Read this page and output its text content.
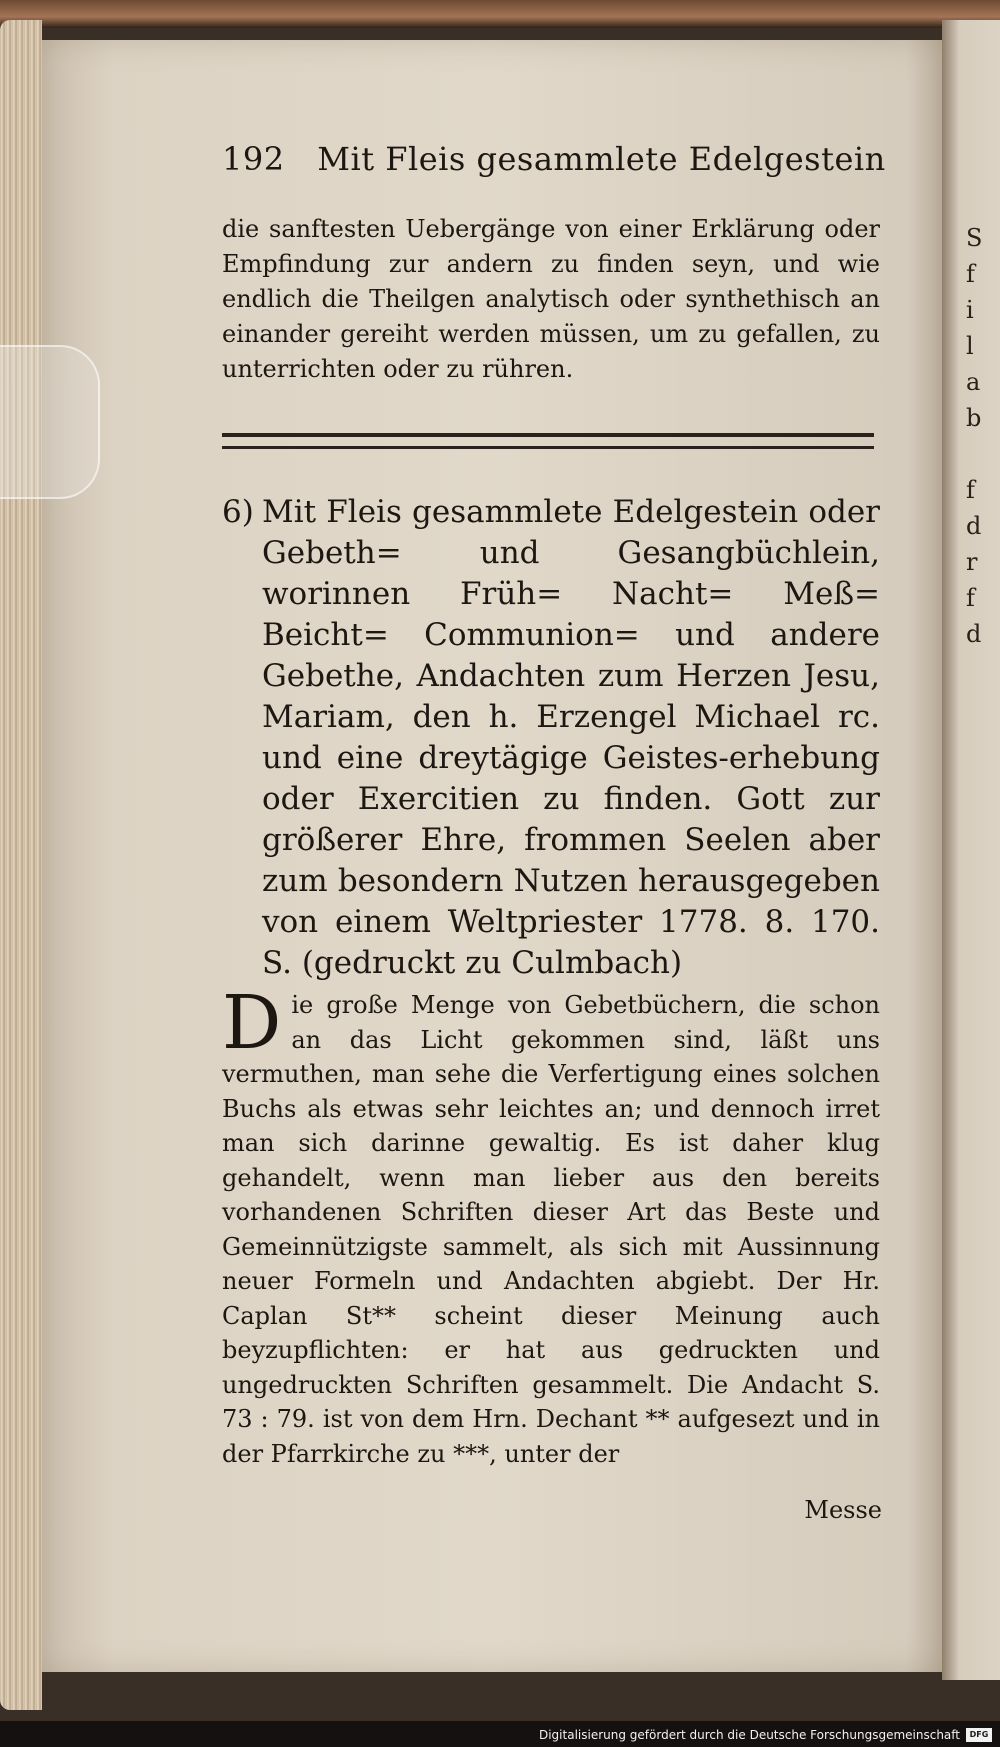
S
f
i
l
a
b

f
d
r
f
d
192 Mit Fleis gesammlete Edelgestein
die sanftesten Uebergänge von einer Erklärung oder Empfindung zur andern zu finden seyn, und wie endlich die Theilgen analytisch oder synthethisch an einander gereiht werden müssen, um zu gefallen, zu unterrichten oder zu rühren.
6) Mit Fleis gesammlete Edelgestein oder Gebeth= und Gesangbüchlein, worinnen Früh= Nacht= Meß= Beicht= Communion= und andere Gebethe, Andachten zum Herzen Jesu, Mariam, den h. Erzengel Michael rc. und eine dreytägige Geistes-erhebung oder Exercitien zu finden. Gott zur größerer Ehre, frommen Seelen aber zum besondern Nutzen herausgegeben von einem Weltpriester 1778. 8. 170. S. (gedruckt zu Culmbach)
D ie große Menge von Gebetbüchern, die schon an das Licht gekommen sind, läßt uns vermuthen, man sehe die Verfertigung eines solchen Buchs als etwas sehr leichtes an; und dennoch irret man sich darinne gewaltig. Es ist daher klug gehandelt, wenn man lieber aus den bereits vorhandenen Schriften dieser Art das Beste und Gemeinnützigste sammelt, als sich mit Aussinnung neuer Formeln und Andachten abgiebt. Der Hr. Caplan St** scheint dieser Meinung auch beyzupflichten: er hat aus gedruckten und ungedruckten Schriften gesammelt. Die Andacht S. 73 : 79. ist von dem Hrn. Dechant ** aufgesezt und in der Pfarrkirche zu ***, unter der
Messe
Digitalisierung gefördert durch die Deutsche Forschungsgemeinschaft	DFG
